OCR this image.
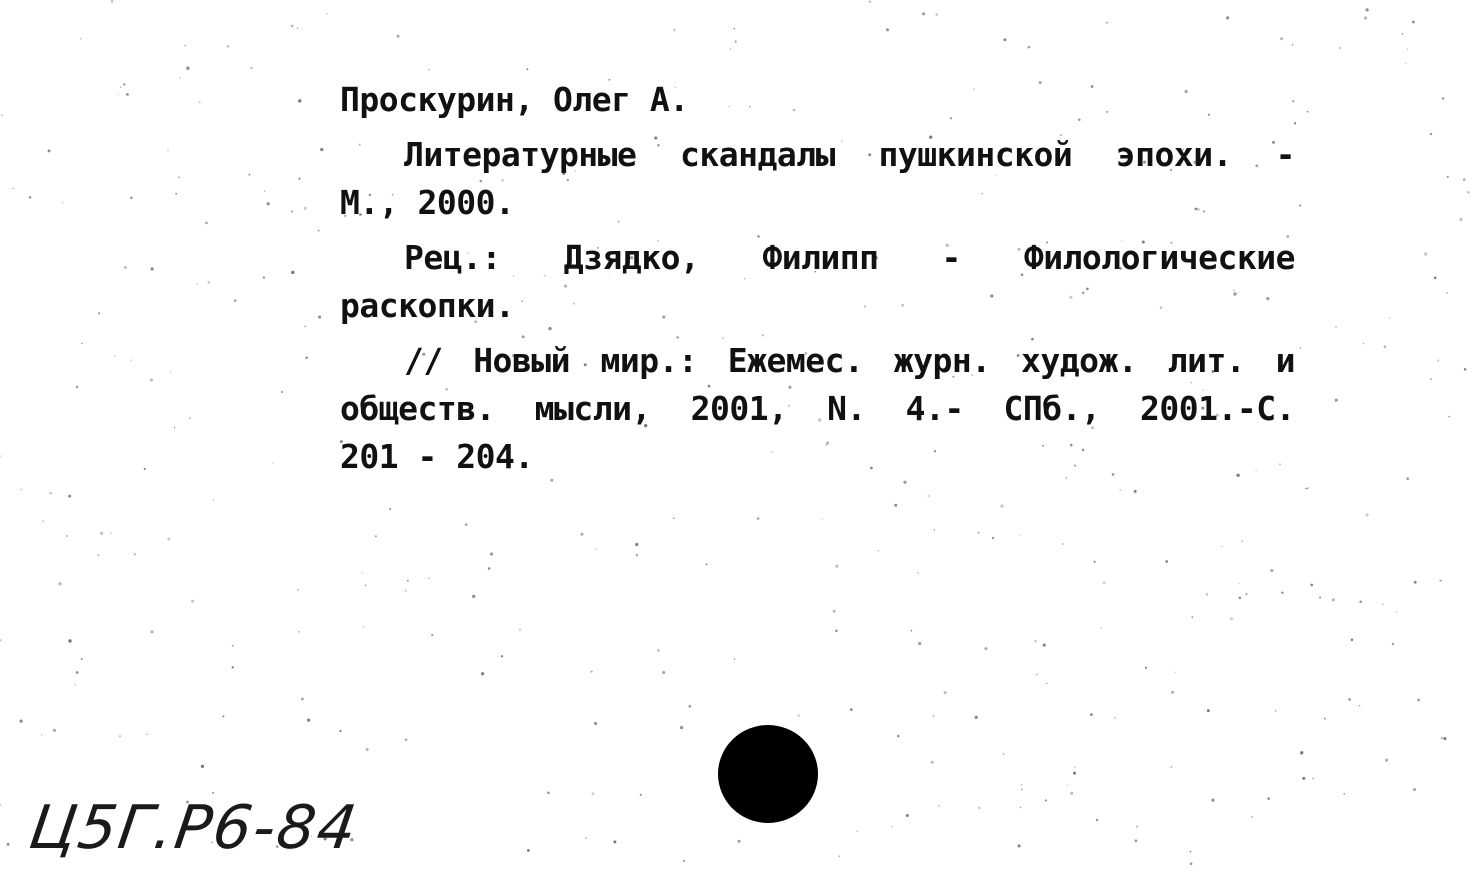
Проскурин, Олег А.
Литературные скандалы пушкинской эпохи. -
М., 2000.
Рец.: Дзядко, Филипп - Филологические
раскопки.
// Новый мир.: Ежемес. журн. худож. лит. и
обществ. мысли, 2001, N. 4.- СПб., 2001.-С.
201 - 204.
Ц5Г.Р6-84
